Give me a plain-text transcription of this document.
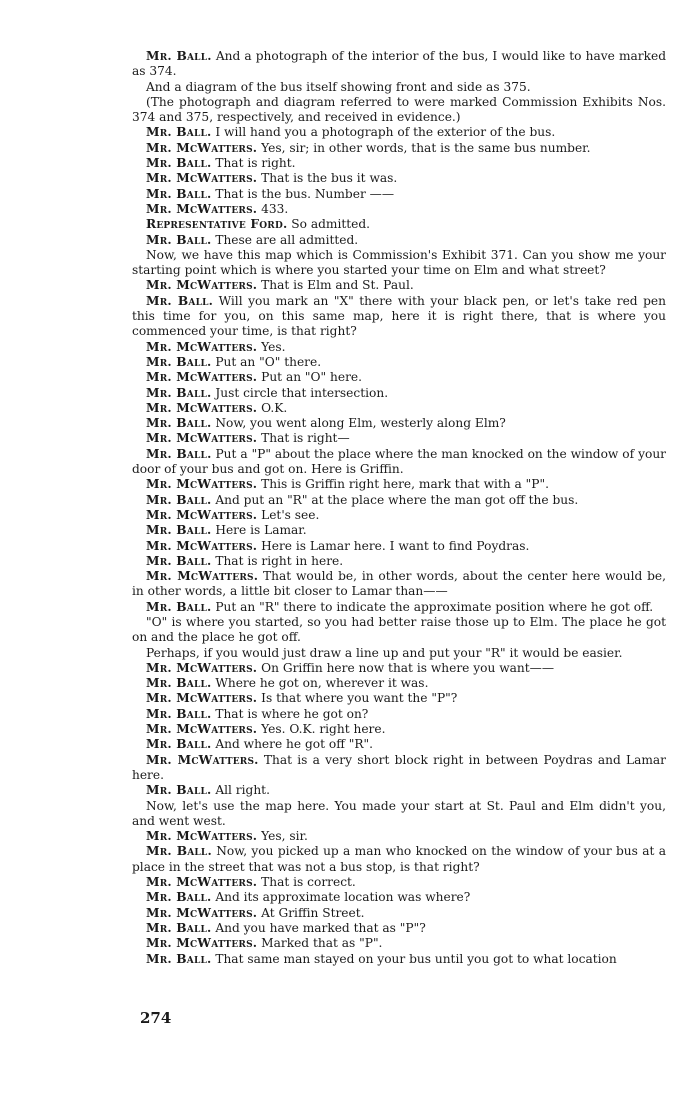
Mr. Ball. And a photograph of the interior of the bus, I would like to have marked as 374.

And a diagram of the bus itself showing front and side as 375.

(The photograph and diagram referred to were marked Commission Exhibits Nos. 374 and 375, respectively, and received in evidence.)

Mr. Ball. I will hand you a photograph of the exterior of the bus.

Mr. McWatters. Yes, sir; in other words, that is the same bus number.

Mr. Ball. That is right.

Mr. McWatters. That is the bus it was.

Mr. Ball. That is the bus. Number ——

Mr. McWatters. 433.

Representative Ford. So admitted.

Mr. Ball. These are all admitted.

Now, we have this map which is Commission's Exhibit 371. Can you show me your starting point which is where you started your time on Elm and what street?

Mr. McWatters. That is Elm and St. Paul.

Mr. Ball. Will you mark an "X" there with your black pen, or let's take red pen this time for you, on this same map, here it is right there, that is where you commenced your time, is that right?

Mr. McWatters. Yes.

Mr. Ball. Put an "O" there.

Mr. McWatters. Put an "O" here.

Mr. Ball. Just circle that intersection.

Mr. McWatters. O.K.

Mr. Ball. Now, you went along Elm, westerly along Elm?

Mr. McWatters. That is right—

Mr. Ball. Put a "P" about the place where the man knocked on the window of your door of your bus and got on. Here is Griffin.

Mr. McWatters. This is Griffin right here, mark that with a "P".

Mr. Ball. And put an "R" at the place where the man got off the bus.

Mr. McWatters. Let's see.

Mr. Ball. Here is Lamar.

Mr. McWatters. Here is Lamar here. I want to find Poydras.

Mr. Ball. That is right in here.

Mr. McWatters. That would be, in other words, about the center here would be, in other words, a little bit closer to Lamar than——

Mr. Ball. Put an "R" there to indicate the approximate position where he got off.

"O" is where you started, so you had better raise those up to Elm. The place he got on and the place he got off.

Perhaps, if you would just draw a line up and put your "R" it would be easier.

Mr. McWatters. On Griffin here now that is where you want——

Mr. Ball. Where he got on, wherever it was.

Mr. McWatters. Is that where you want the "P"?

Mr. Ball. That is where he got on?

Mr. McWatters. Yes. O.K. right here.

Mr. Ball. And where he got off "R".

Mr. McWatters. That is a very short block right in between Poydras and Lamar here.

Mr. Ball. All right.

Now, let's use the map here. You made your start at St. Paul and Elm didn't you, and went west.

Mr. McWatters. Yes, sir.

Mr. Ball. Now, you picked up a man who knocked on the window of your bus at a place in the street that was not a bus stop, is that right?

Mr. McWatters. That is correct.

Mr. Ball. And its approximate location was where?

Mr. McWatters. At Griffin Street.

Mr. Ball. And you have marked that as "P"?

Mr. McWatters. Marked that as "P".

Mr. Ball. That same man stayed on your bus until you got to what location

274
